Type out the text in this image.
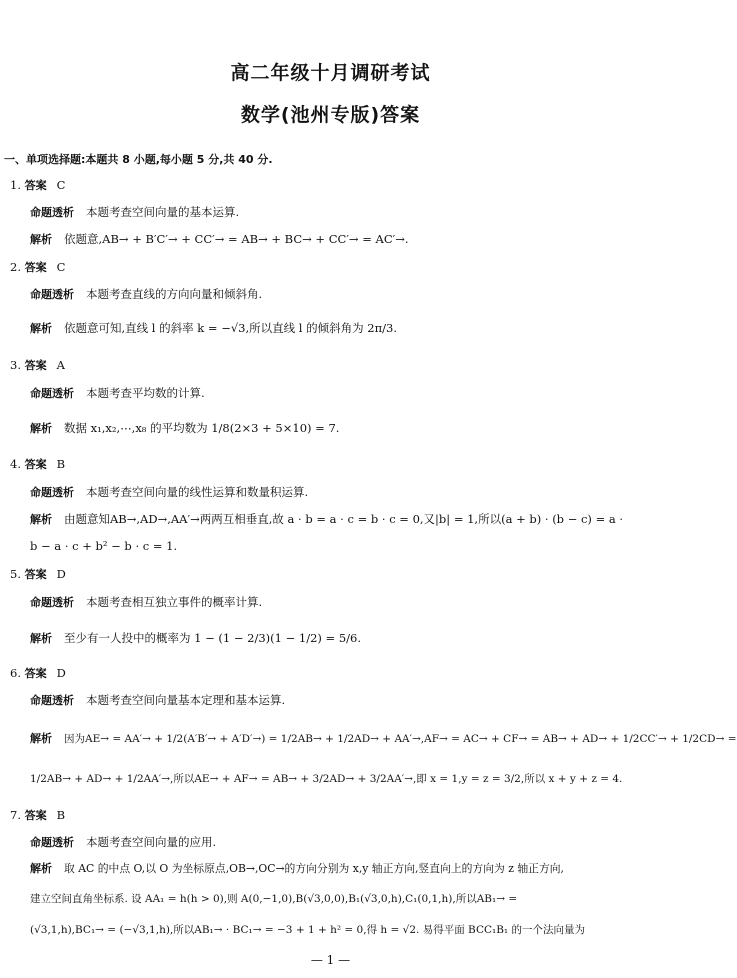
高二年级十月调研考试
数学(池州专版)答案
一、单项选择题:本题共 8 小题,每小题 5 分,共 40 分.
1. 答案 C
命题透析 本题考查空间向量的基本运算.
解析 依题意,AB→ + B′C′→ + CC′→ = AB→ + BC→ + CC′→ = AC′→.
2. 答案 C
命题透析 本题考查直线的方向向量和倾斜角.
解析 依题意可知,直线 l 的斜率 k = −√3,所以直线 l 的倾斜角为 2π/3.
3. 答案 A
命题透析 本题考查平均数的计算.
解析 数据 x₁,x₂,⋯,x₈ 的平均数为 1/8(2×3 + 5×10) = 7.
4. 答案 B
命题透析 本题考查空间向量的线性运算和数量积运算.
解析 由题意知AB→,AD→,AA′→两两互相垂直,故 a · b = a · c = b · c = 0,又|b| = 1,所以(a + b) · (b − c) = a ·
b − a · c + b² − b · c = 1.
5. 答案 D
命题透析 本题考查相互独立事件的概率计算.
解析 至少有一人投中的概率为 1 − (1 − 2/3)(1 − 1/2) = 5/6.
6. 答案 D
命题透析 本题考查空间向量基本定理和基本运算.
解析 因为AE→ = AA′→ + 1/2(A′B′→ + A′D′→) = 1/2AB→ + 1/2AD→ + AA′→,AF→ = AC→ + CF→ = AB→ + AD→ + 1/2CC′→ + 1/2CD→ =
1/2AB→ + AD→ + 1/2AA′→,所以AE→ + AF→ = AB→ + 3/2AD→ + 3/2AA′→,即 x = 1,y = z = 3/2,所以 x + y + z = 4.
7. 答案 B
命题透析 本题考查空间向量的应用.
解析 取 AC 的中点 O,以 O 为坐标原点,OB→,OC→的方向分别为 x,y 轴正方向,竖直向上的方向为 z 轴正方向,
建立空间直角坐标系. 设 AA₁ = h(h > 0),则 A(0,−1,0),B(√3,0,0),B₁(√3,0,h),C₁(0,1,h),所以AB₁→ =
(√3,1,h),BC₁→ = (−√3,1,h),所以AB₁→ · BC₁→ = −3 + 1 + h² = 0,得 h = √2. 易得平面 BCC₁B₁ 的一个法向量为
— 1 —
